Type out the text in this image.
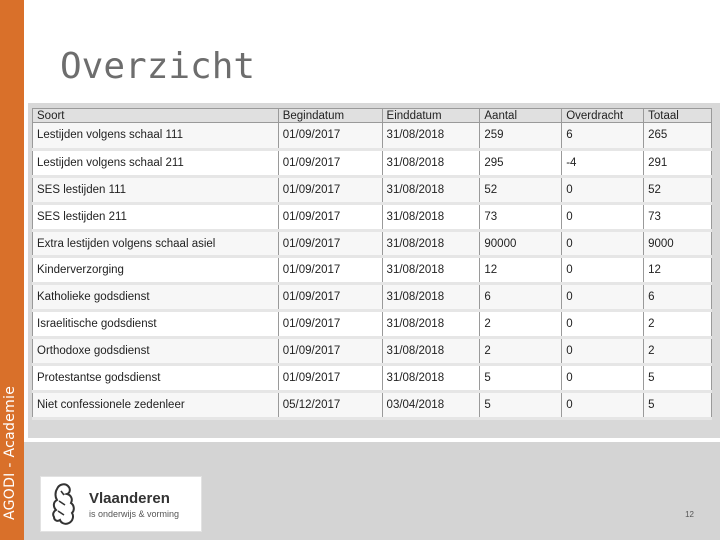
AGODI - Academie
Overzicht
Soort	Begindatum	Einddatum	Aantal	Overdracht	Totaal
Lestijden volgens schaal 111	01/09/2017	31/08/2018	259	6	265
Lestijden volgens schaal 211	01/09/2017	31/08/2018	295	-4	291
SES lestijden 111	01/09/2017	31/08/2018	52	0	52
SES lestijden 211	01/09/2017	31/08/2018	73	0	73
Extra lestijden volgens schaal asiel	01/09/2017	31/08/2018	90000	0	9000
Kinderverzorging	01/09/2017	31/08/2018	12	0	12
Katholieke godsdienst	01/09/2017	31/08/2018	6	0	6
Israelitische godsdienst	01/09/2017	31/08/2018	2	0	2
Orthodoxe godsdienst	01/09/2017	31/08/2018	2	0	2
Protestantse godsdienst	01/09/2017	31/08/2018	5	0	5
Niet confessionele zedenleer	05/12/2017	03/04/2018	5	0	5
Vlaanderen
is onderwijs & vorming	12
